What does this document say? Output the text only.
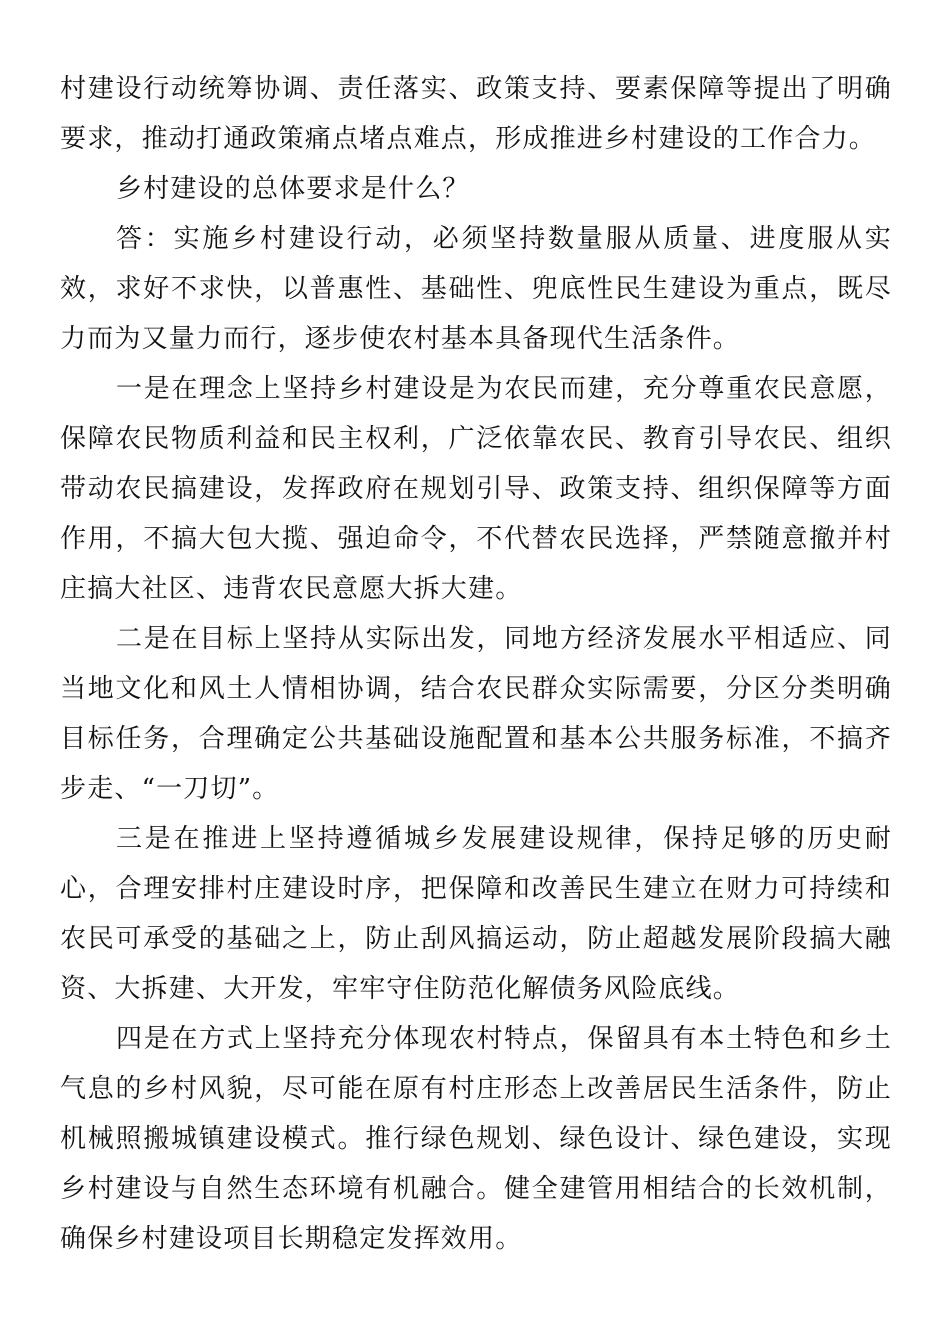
村建设行动统筹协调、责任落实、政策支持、要素保障等提出了明确要求，推动打通政策痛点堵点难点，形成推进乡村建设的工作合力。

乡村建设的总体要求是什么？

答：实施乡村建设行动，必须坚持数量服从质量、进度服从实效，求好不求快，以普惠性、基础性、兜底性民生建设为重点，既尽力而为又量力而行，逐步使农村基本具备现代生活条件。

一是在理念上坚持乡村建设是为农民而建，充分尊重农民意愿，保障农民物质利益和民主权利，广泛依靠农民、教育引导农民、组织带动农民搞建设，发挥政府在规划引导、政策支持、组织保障等方面作用，不搞大包大揽、强迫命令，不代替农民选择，严禁随意撤并村庄搞大社区、违背农民意愿大拆大建。

二是在目标上坚持从实际出发，同地方经济发展水平相适应、同当地文化和风土人情相协调，结合农民群众实际需要，分区分类明确目标任务，合理确定公共基础设施配置和基本公共服务标准，不搞齐步走、“一刀切”。

三是在推进上坚持遵循城乡发展建设规律，保持足够的历史耐心，合理安排村庄建设时序，把保障和改善民生建立在财力可持续和农民可承受的基础之上，防止刮风搞运动，防止超越发展阶段搞大融资、大拆建、大开发，牢牢守住防范化解债务风险底线。

四是在方式上坚持充分体现农村特点，保留具有本土特色和乡土气息的乡村风貌，尽可能在原有村庄形态上改善居民生活条件，防止机械照搬城镇建设模式。推行绿色规划、绿色设计、绿色建设，实现乡村建设与自然生态环境有机融合。健全建管用相结合的长效机制，确保乡村建设项目长期稳定发挥效用。
